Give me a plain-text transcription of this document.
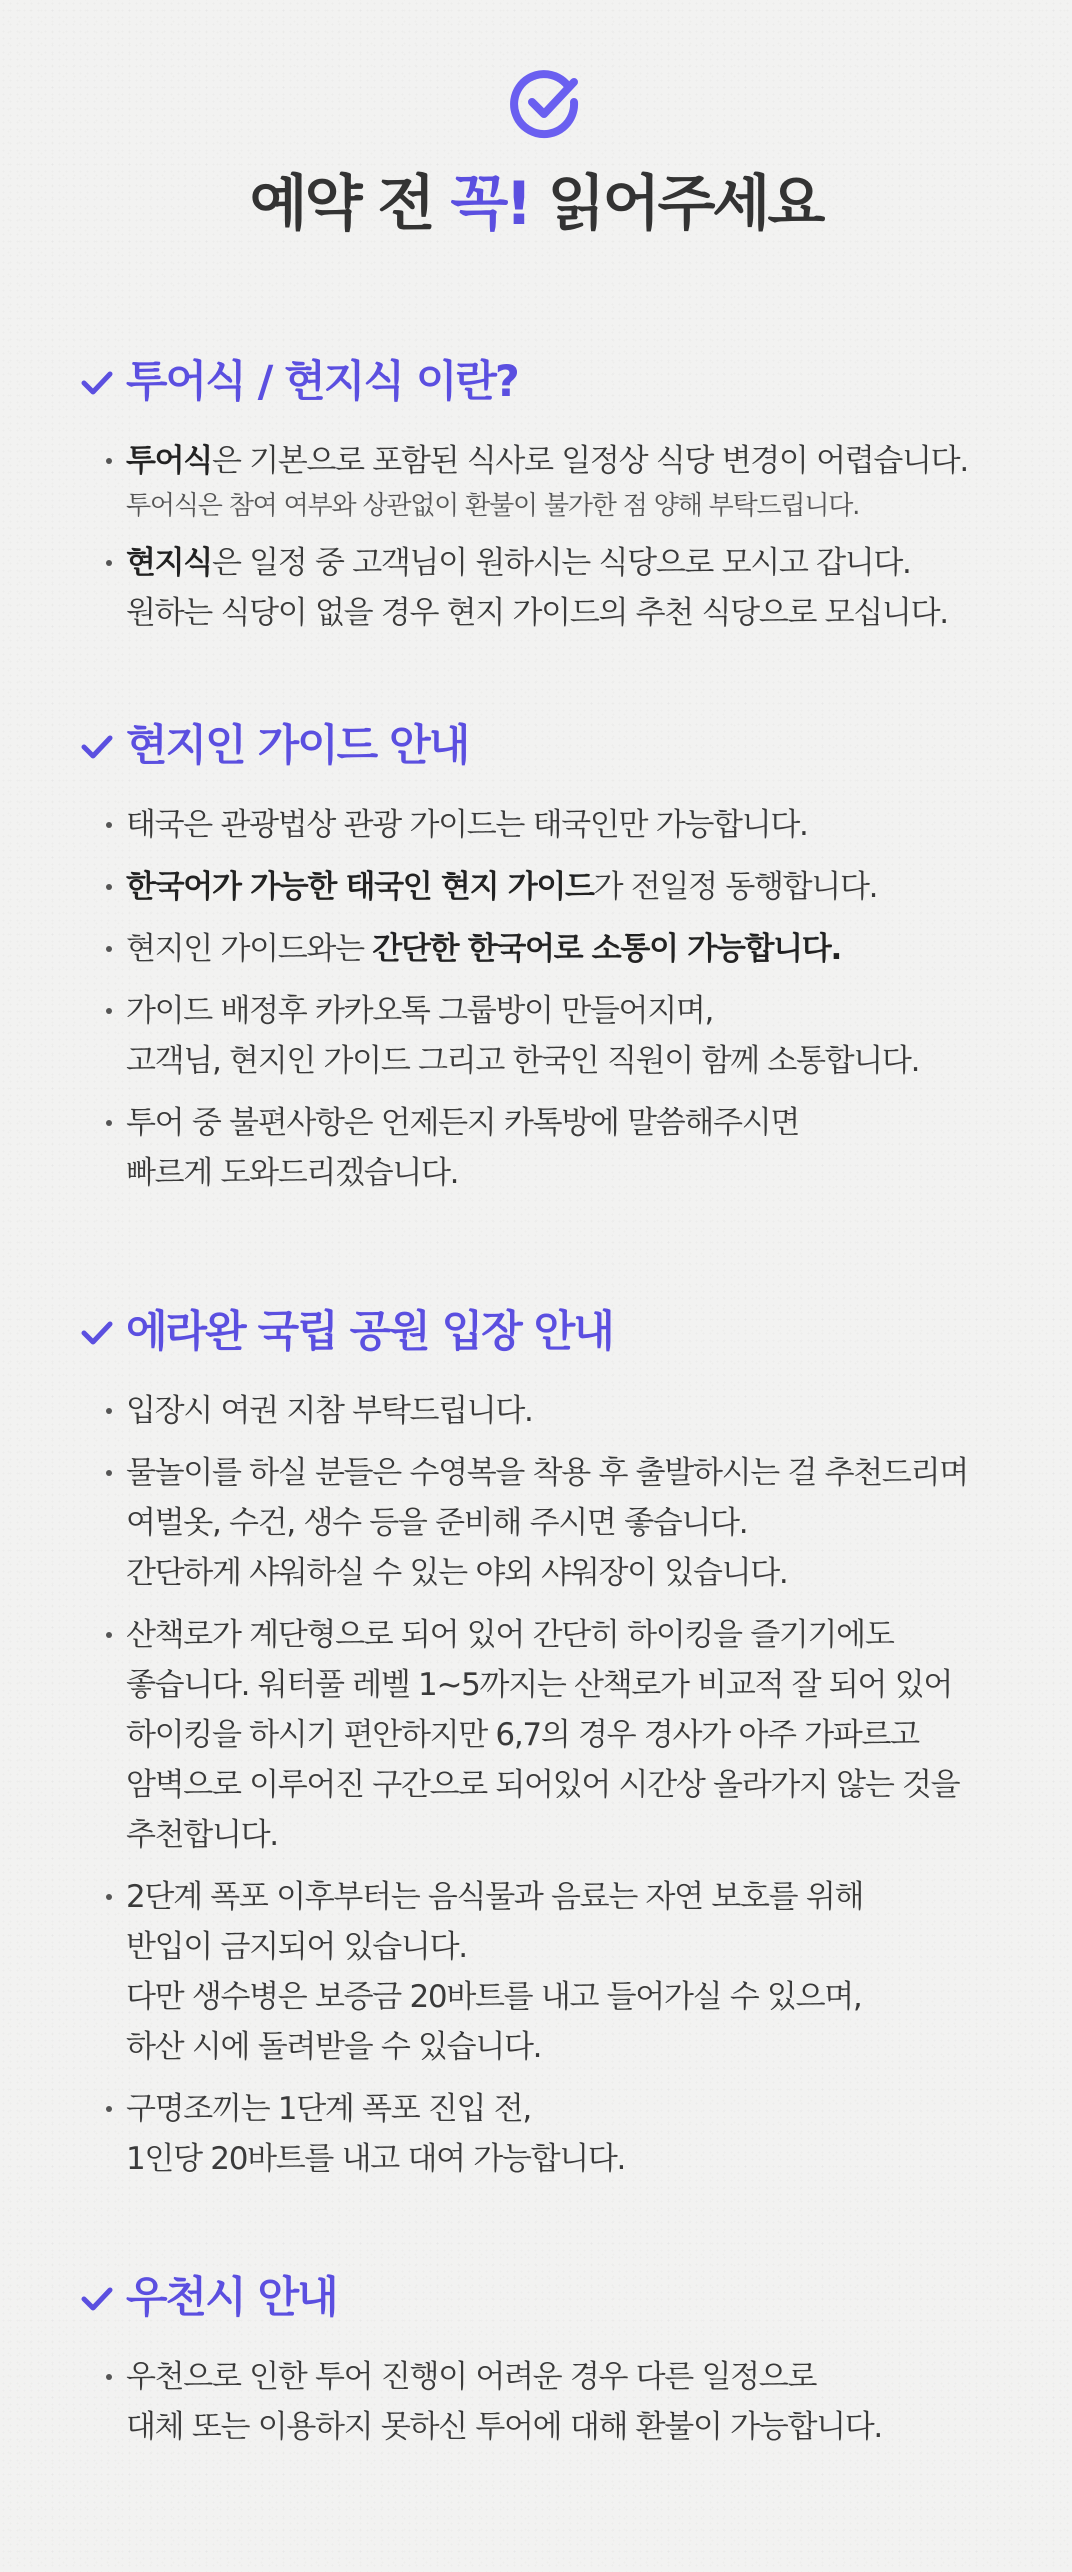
예약 전 꼭! 읽어주세요
투어식 / 현지식 이란?
투어식은 기본으로 포함된 식사로 일정상 식당 변경이 어렵습니다.
투어식은 참여 여부와 상관없이 환불이 불가한 점 양해 부탁드립니다.
현지식은 일정 중 고객님이 원하시는 식당으로 모시고 갑니다.
원하는 식당이 없을 경우 현지 가이드의 추천 식당으로 모십니다.
현지인 가이드 안내
태국은 관광법상 관광 가이드는 태국인만 가능합니다.
한국어가 가능한 태국인 현지 가이드가 전일정 동행합니다.
현지인 가이드와는 간단한 한국어로 소통이 가능합니다.
가이드 배정후 카카오톡 그룹방이 만들어지며,
고객님, 현지인 가이드 그리고 한국인 직원이 함께 소통합니다.
투어 중 불편사항은 언제든지 카톡방에 말씀해주시면
빠르게 도와드리겠습니다.
에라완 국립 공원 입장 안내
입장시 여권 지참 부탁드립니다.
물놀이를 하실 분들은 수영복을 착용 후 출발하시는 걸 추천드리며
여벌옷, 수건, 생수 등을 준비해 주시면 좋습니다.
간단하게 샤워하실 수 있는 야외 샤워장이 있습니다.
산책로가 계단형으로 되어 있어 간단히 하이킹을 즐기기에도
좋습니다. 워터풀 레벨 1~5까지는 산책로가 비교적 잘 되어 있어
하이킹을 하시기 편안하지만 6,7의 경우 경사가 아주 가파르고
암벽으로 이루어진 구간으로 되어있어 시간상 올라가지 않는 것을
추천합니다.
2단계 폭포 이후부터는 음식물과 음료는 자연 보호를 위해
반입이 금지되어 있습니다.
다만 생수병은 보증금 20바트를 내고 들어가실 수 있으며,
하산 시에 돌려받을 수 있습니다.
구명조끼는 1단계 폭포 진입 전,
1인당 20바트를 내고 대여 가능합니다.
우천시 안내
우천으로 인한 투어 진행이 어려운 경우 다른 일정으로
대체 또는 이용하지 못하신 투어에 대해 환불이 가능합니다.
